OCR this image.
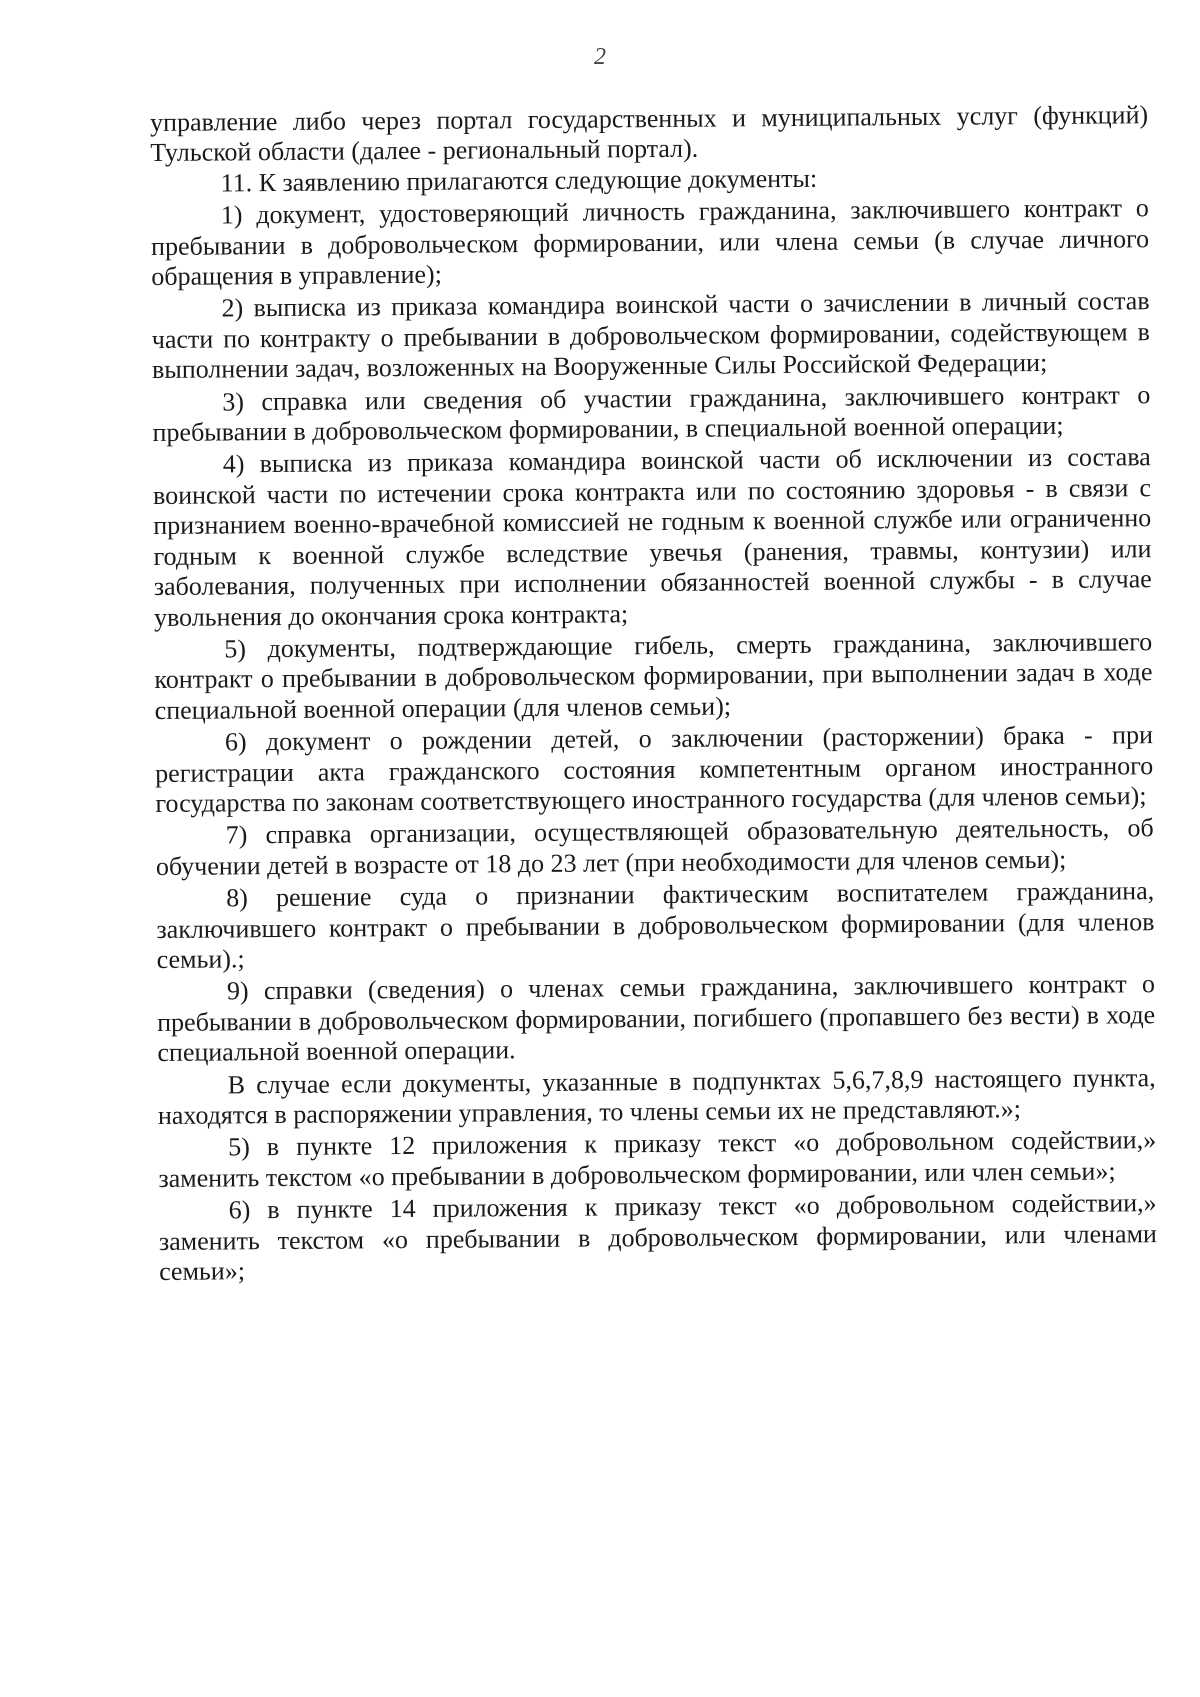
2

управление либо через портал государственных и муниципальных услуг (функций) Тульской области (далее - региональный портал).

11. К заявлению прилагаются следующие документы:

1) документ, удостоверяющий личность гражданина, заключившего контракт о пребывании в добровольческом формировании, или члена семьи (в случае личного обращения в управление);

2) выписка из приказа командира воинской части о зачислении в личный состав части по контракту о пребывании в добровольческом формировании, содействующем в выполнении задач, возложенных на Вооруженные Силы Российской Федерации;

3) справка или сведения об участии гражданина, заключившего контракт о пребывании в добровольческом формировании, в специальной военной операции;

4) выписка из приказа командира воинской части об исключении из состава воинской части по истечении срока контракта или по состоянию здоровья - в связи с признанием военно-врачебной комиссией не годным к военной службе или ограниченно годным к военной службе вследствие увечья (ранения, травмы, контузии) или заболевания, полученных при исполнении обязанностей военной службы - в случае увольнения до окончания срока контракта;

5) документы, подтверждающие гибель, смерть гражданина, заключившего контракт о пребывании в добровольческом формировании, при выполнении задач в ходе специальной военной операции (для членов семьи);

6) документ о рождении детей, о заключении (расторжении) брака - при регистрации акта гражданского состояния компетентным органом иностранного государства по законам соответствующего иностранного государства (для членов семьи);

7) справка организации, осуществляющей образовательную деятельность, об обучении детей в возрасте от 18 до 23 лет (при необходимости для членов семьи);

8) решение суда о признании фактическим воспитателем гражданина, заключившего контракт о пребывании в добровольческом формировании (для членов семьи).;

9) справки (сведения) о членах семьи гражданина, заключившего контракт о пребывании в добровольческом формировании, погибшего (пропавшего без вести) в ходе специальной военной операции.

В случае если документы, указанные в подпунктах 5,6,7,8,9 настоящего пункта, находятся в распоряжении управления, то члены семьи их не представляют.»;

5) в пункте 12 приложения к приказу текст «о добровольном содействии,» заменить текстом «о пребывании в добровольческом формировании, или член семьи»;

6) в пункте 14 приложения к приказу текст «о добровольном содействии,» заменить текстом «о пребывании в добровольческом формировании, или членами семьи»;
